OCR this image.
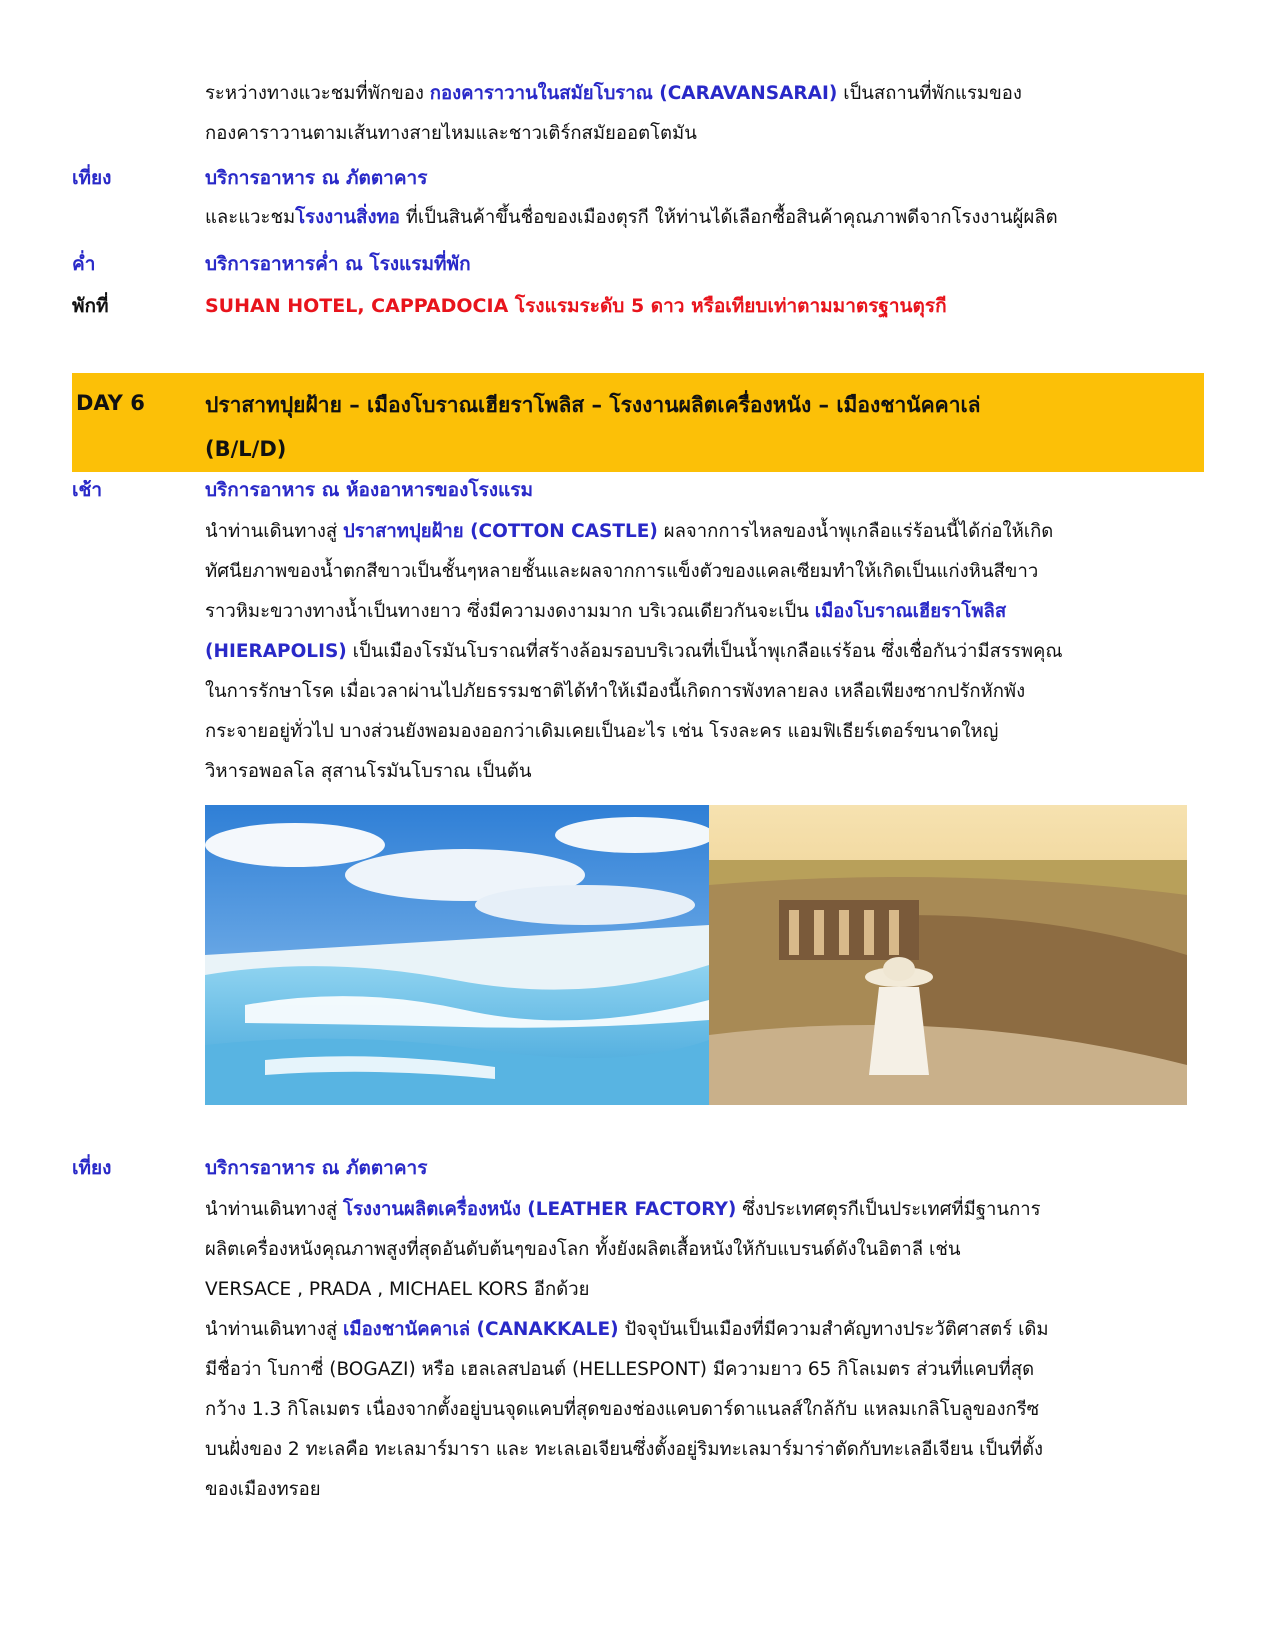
ระหว่างทางแวะชมที่พักของ กองคาราวานในสมัยโบราณ (CARAVANSARAI) เป็นสถานที่พักแรมของ
กองคาราวานตามเส้นทางสายไหมและชาวเติร์กสมัยออตโตมัน
เที่ยง	บริการอาหาร ณ ภัตตาคาร
และแวะชมโรงงานสิ่งทอ ที่เป็นสินค้าขึ้นชื่อของเมืองตุรกี ให้ท่านได้เลือกซื้อสินค้าคุณภาพดีจากโรงงานผู้ผลิต
ค่ำ	บริการอาหารค่ำ ณ โรงแรมที่พัก
พักที่	SUHAN HOTEL, CAPPADOCIA โรงแรมระดับ 5 ดาว หรือเทียบเท่าตามมาตรฐานตุรกี
DAY 6	ปราสาทปุยฝ้าย – เมืองโบราณเฮียราโพลิส – โรงงานผลิตเครื่องหนัง – เมืองชานัคคาเล่
(B/L/D)
เช้า	บริการอาหาร ณ ห้องอาหารของโรงแรม
นำท่านเดินทางสู่ ปราสาทปุยฝ้าย (COTTON CASTLE) ผลจากการไหลของน้ำพุเกลือแร่ร้อนนี้ได้ก่อให้เกิด
ทัศนียภาพของน้ำตกสีขาวเป็นชั้นๆหลายชั้นและผลจากการแข็งตัวของแคลเซียมทำให้เกิดเป็นแก่งหินสีขาว
ราวหิมะขวางทางน้ำเป็นทางยาว ซึ่งมีความงดงามมาก บริเวณเดียวกันจะเป็น เมืองโบราณเฮียราโพลิส
(HIERAPOLIS) เป็นเมืองโรมันโบราณที่สร้างล้อมรอบบริเวณที่เป็นน้ำพุเกลือแร่ร้อน ซึ่งเชื่อกันว่ามีสรรพคุณ
ในการรักษาโรค เมื่อเวลาผ่านไปภัยธรรมชาติได้ทำให้เมืองนี้เกิดการพังทลายลง เหลือเพียงซากปรักหักพัง
กระจายอยู่ทั่วไป บางส่วนยังพอมองออกว่าเดิมเคยเป็นอะไร เช่น โรงละคร แอมฟิเธียร์เตอร์ขนาดใหญ่
วิหารอพอลโล สุสานโรมันโบราณ เป็นต้น
เที่ยง	บริการอาหาร ณ ภัตตาคาร
นำท่านเดินทางสู่ โรงงานผลิตเครื่องหนัง (LEATHER FACTORY) ซึ่งประเทศตุรกีเป็นประเทศที่มีฐานการ
ผลิตเครื่องหนังคุณภาพสูงที่สุดอันดับต้นๆของโลก ทั้งยังผลิตเสื้อหนังให้กับแบรนด์ดังในอิตาลี เช่น
VERSACE , PRADA , MICHAEL KORS อีกด้วย
นำท่านเดินทางสู่ เมืองชานัคคาเล่ (CANAKKALE) ปัจจุบันเป็นเมืองที่มีความสำคัญทางประวัติศาสตร์ เดิม
มีชื่อว่า โบกาซี่ (BOGAZI) หรือ เฮลเลสปอนต์ (HELLESPONT) มีความยาว 65 กิโลเมตร ส่วนที่แคบที่สุด
กว้าง 1.3 กิโลเมตร เนื่องจากตั้งอยู่บนจุดแคบที่สุดของช่องแคบดาร์ดาแนลส์ใกล้กับ แหลมเกลิโบลูของกรีซ
บนฝั่งของ 2 ทะเลคือ ทะเลมาร์มารา และ ทะเลเอเจียนซึ่งตั้งอยู่ริมทะเลมาร์มาร่าตัดกับทะเลอีเจียน เป็นที่ตั้ง
ของเมืองทรอย
